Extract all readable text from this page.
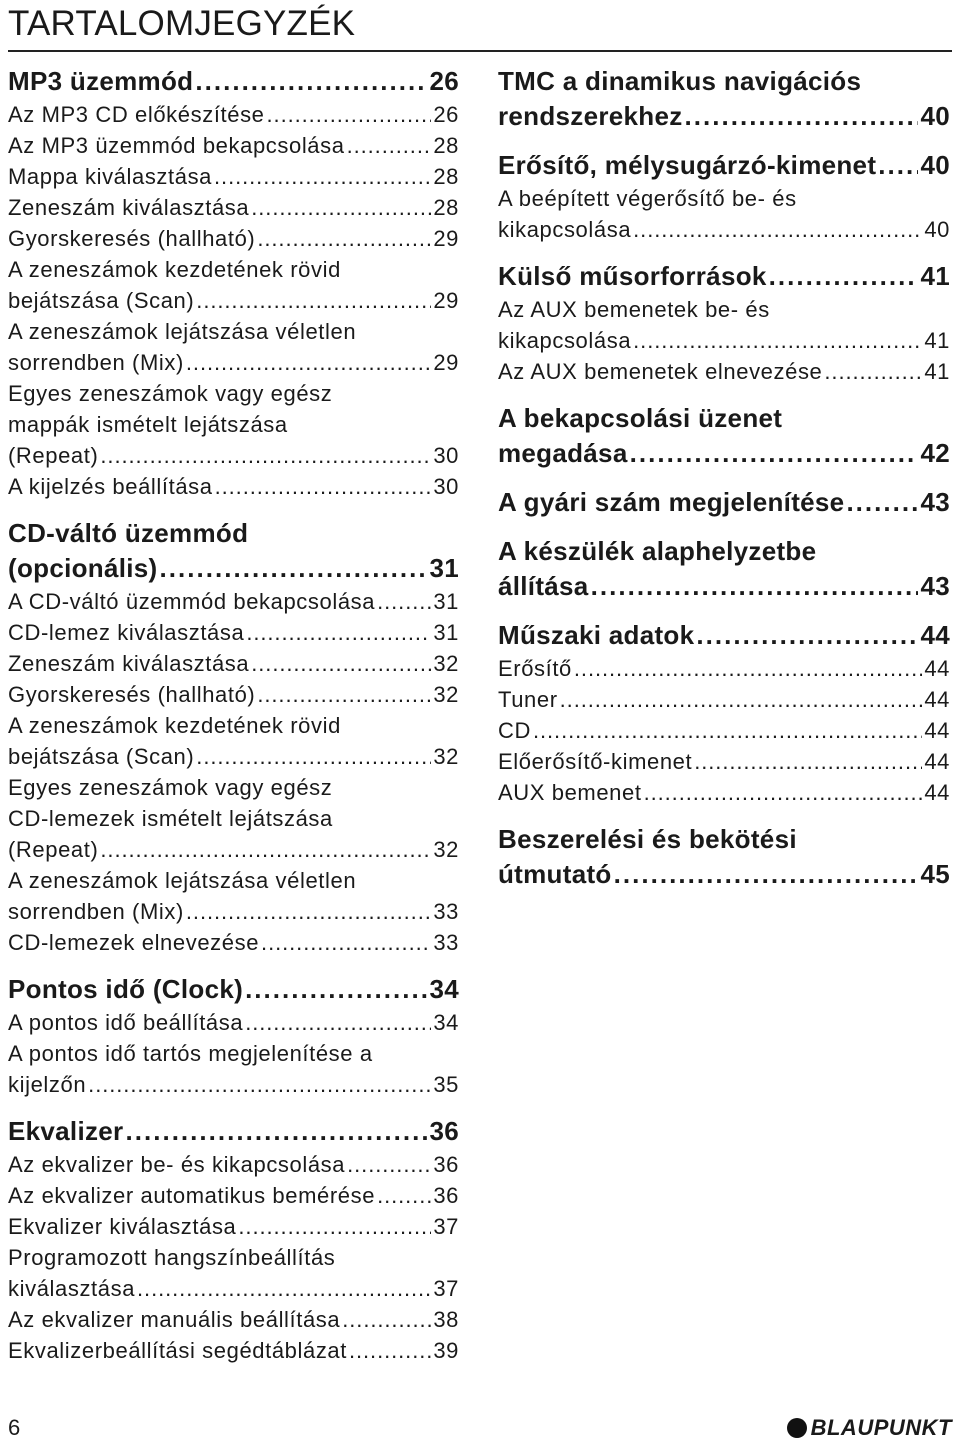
TARTALOMJEGYZÉK
MP3 üzemmód . . .	26
Az MP3 CD előkészítése . . .	26
Az MP3 üzemmód bekapcsolása . . .	28
Mappa kiválasztása . . .	28
Zeneszám kiválasztása . . .	28
Gyorskeresés (hallható) . . .	29
A zeneszámok kezdetének rövid
bejátszása (Scan) . . .	29
A zeneszámok lejátszása véletlen
sorrendben (Mix) . . .	29
Egyes zeneszámok vagy egész
mappák ismételt lejátszása
(Repeat) . . .	30
A kijelzés beállítása . . .	30
CD-váltó üzemmód
(opcionális) . . .	31
A CD-váltó üzemmód bekapcsolása . . .	31
CD-lemez kiválasztása . . .	31
Zeneszám kiválasztása . . .	32
Gyorskeresés (hallható) . . .	32
A zeneszámok kezdetének rövid
bejátszása (Scan) . . .	32
Egyes zeneszámok vagy egész
CD-lemezek ismételt lejátszása
(Repeat) . . .	32
A zeneszámok lejátszása véletlen
sorrendben (Mix) . . .	33
CD-lemezek elnevezése . . .	33
Pontos idő (Clock) . . .	34
A pontos idő beállítása . . .	34
A pontos idő tartós megjelenítése a
kijelzőn . . .	35
Ekvalizer . . .	36
Az ekvalizer be- és kikapcsolása . . .	36
Az ekvalizer automatikus bemérése . . .	36
Ekvalizer kiválasztása . . .	37
Programozott hangszínbeállítás
kiválasztása . . .	37
Az ekvalizer manuális beállítása . . .	38
Ekvalizerbeállítási segédtáblázat . . .	39
TMC a dinamikus navigációs
rendszerekhez . . .	40
Erősítő, mélysugárzó-kimenet . . . 40
A beépített végerősítő be- és
kikapcsolása . . .	40
Külső műsorforrások . . .	41
Az AUX bemenetek be- és
kikapcsolása . . .	41
Az AUX bemenetek elnevezése . . .	41
A bekapcsolási üzenet
megadása . . .	42
A gyári szám megjelenítése . . .	43
A készülék alaphelyzetbe
állítása . . .	43
Műszaki adatok . . .	44
Erősítő . . .	44
Tuner . . .	44
CD . . .	44
Előerősítő-kimenet . . .	44
AUX bemenet . . .	44
Beszerelési és bekötési
útmutató . . .	45
6	BLAUPUNKT
